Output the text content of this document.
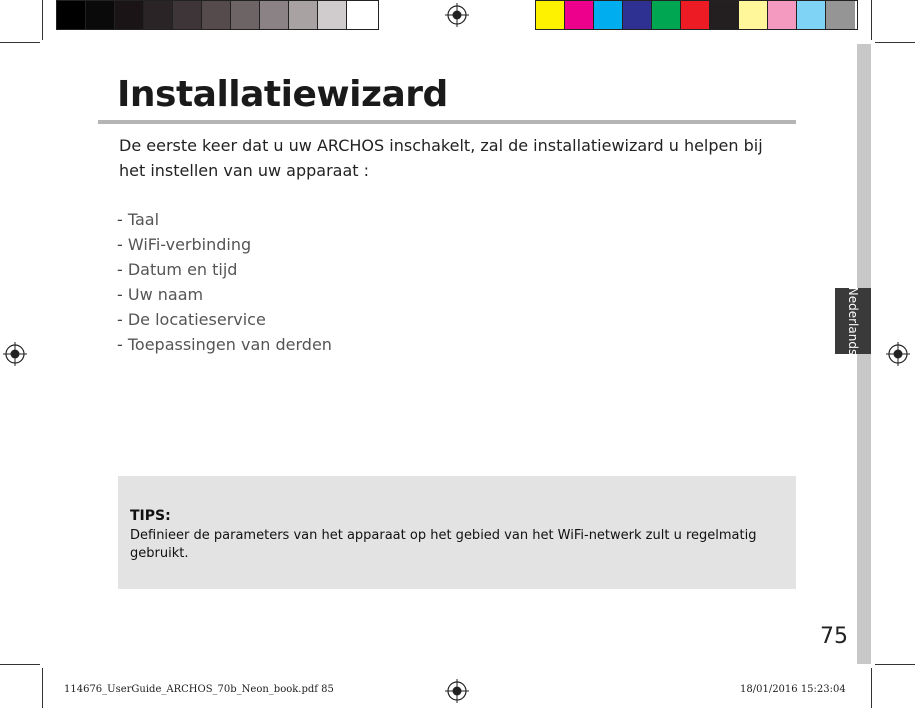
Nederlands
Installatiewizard
De eerste keer dat u uw ARCHOS inschakelt, zal de installatiewizard u helpen bij het instellen van uw apparaat :
- Taal
- WiFi-verbinding
- Datum en tijd
- Uw naam
- De locatieservice
- Toepassingen van derden
TIPS:
Definieer de parameters van het apparaat op het gebied van het WiFi-netwerk zult u regelmatig gebruikt.
75
114676_UserGuide_ARCHOS_70b_Neon_book.pdf 85	18/01/2016 15:23:04
